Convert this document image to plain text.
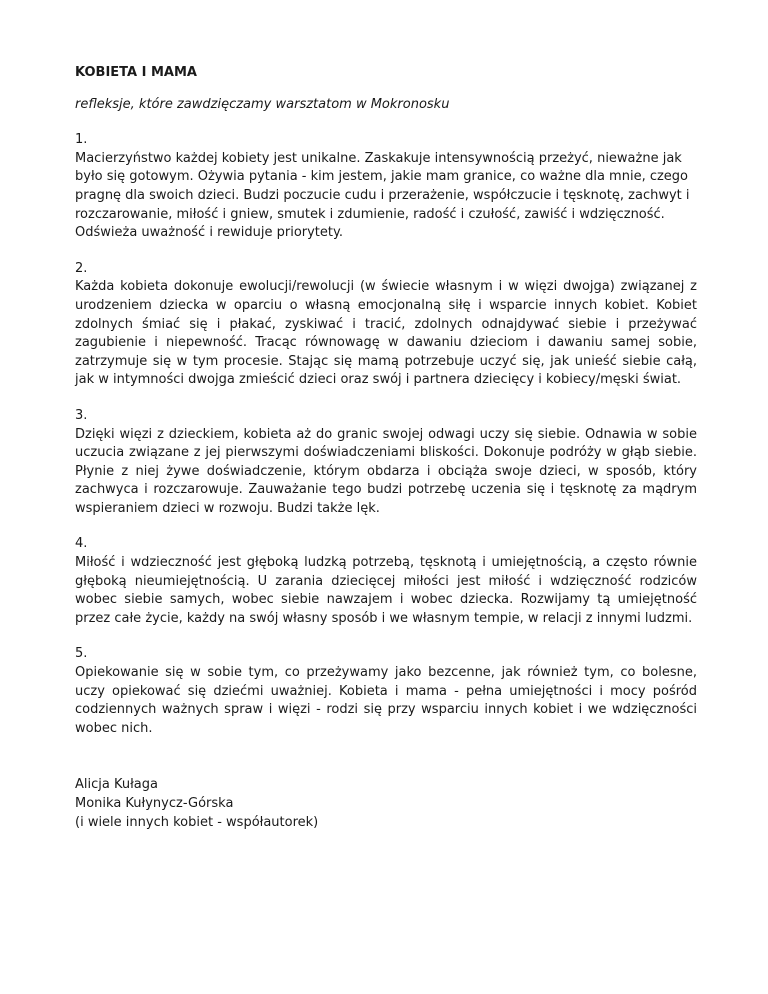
KOBIETA I MAMA

refleksje, które zawdzięczamy warsztatom w Mokronosku

1.

Macierzyństwo każdej kobiety jest unikalne. Zaskakuje intensywnością przeżyć, nieważne jak było się gotowym. Ożywia pytania - kim jestem, jakie mam granice, co ważne dla mnie, czego pragnę dla swoich dzieci. Budzi poczucie cudu i przerażenie, współczucie i tęsknotę, zachwyt i rozczarowanie, miłość i gniew, smutek i zdumienie, radość i czułość, zawiść i wdzięczność. Odświeża uważność i rewiduje priorytety.

2.

Każda kobieta dokonuje ewolucji/rewolucji (w świecie własnym i w więzi dwojga) związanej z urodzeniem dziecka w oparciu o własną emocjonalną siłę i wsparcie innych kobiet. Kobiet zdolnych śmiać się i płakać, zyskiwać i tracić, zdolnych odnajdywać siebie i przeżywać zagubienie i niepewność. Tracąc równowagę w dawaniu dzieciom i dawaniu samej sobie, zatrzymuje się w tym procesie. Stając się mamą potrzebuje uczyć się, jak unieść siebie całą, jak w intymności dwojga zmieścić dzieci oraz swój i partnera dziecięcy i kobiecy/męski świat.

3.

Dzięki więzi z dzieckiem, kobieta aż do granic swojej odwagi uczy się siebie. Odnawia w sobie uczucia związane z jej pierwszymi doświadczeniami bliskości. Dokonuje podróży w głąb siebie. Płynie z niej żywe doświadczenie, którym obdarza i obciąża swoje dzieci, w sposób, który zachwyca i rozczarowuje. Zauważanie tego budzi potrzebę uczenia się i tęsknotę za mądrym wspieraniem dzieci w rozwoju. Budzi także lęk.

4.

Miłość i wdzieczność jest głęboką ludzką potrzebą, tęsknotą i umiejętnością, a często równie głęboką nieumiejętnością. U zarania dziecięcej miłości jest miłość i wdzięczność rodziców wobec siebie samych, wobec siebie nawzajem i wobec dziecka. Rozwijamy tą umiejętność przez całe życie, każdy na swój własny sposób i we własnym tempie, w relacji z innymi ludzmi.

5.

Opiekowanie się w sobie tym, co przeżywamy jako bezcenne, jak również tym, co bolesne, uczy opiekować się dziećmi uważniej. Kobieta i mama - pełna umiejętności i mocy pośród codziennych ważnych spraw i więzi - rodzi się przy wsparciu innych kobiet i we wdzięczności wobec nich.

Alicja Kułaga

Monika Kułynycz-Górska

(i wiele innych kobiet - współautorek)
